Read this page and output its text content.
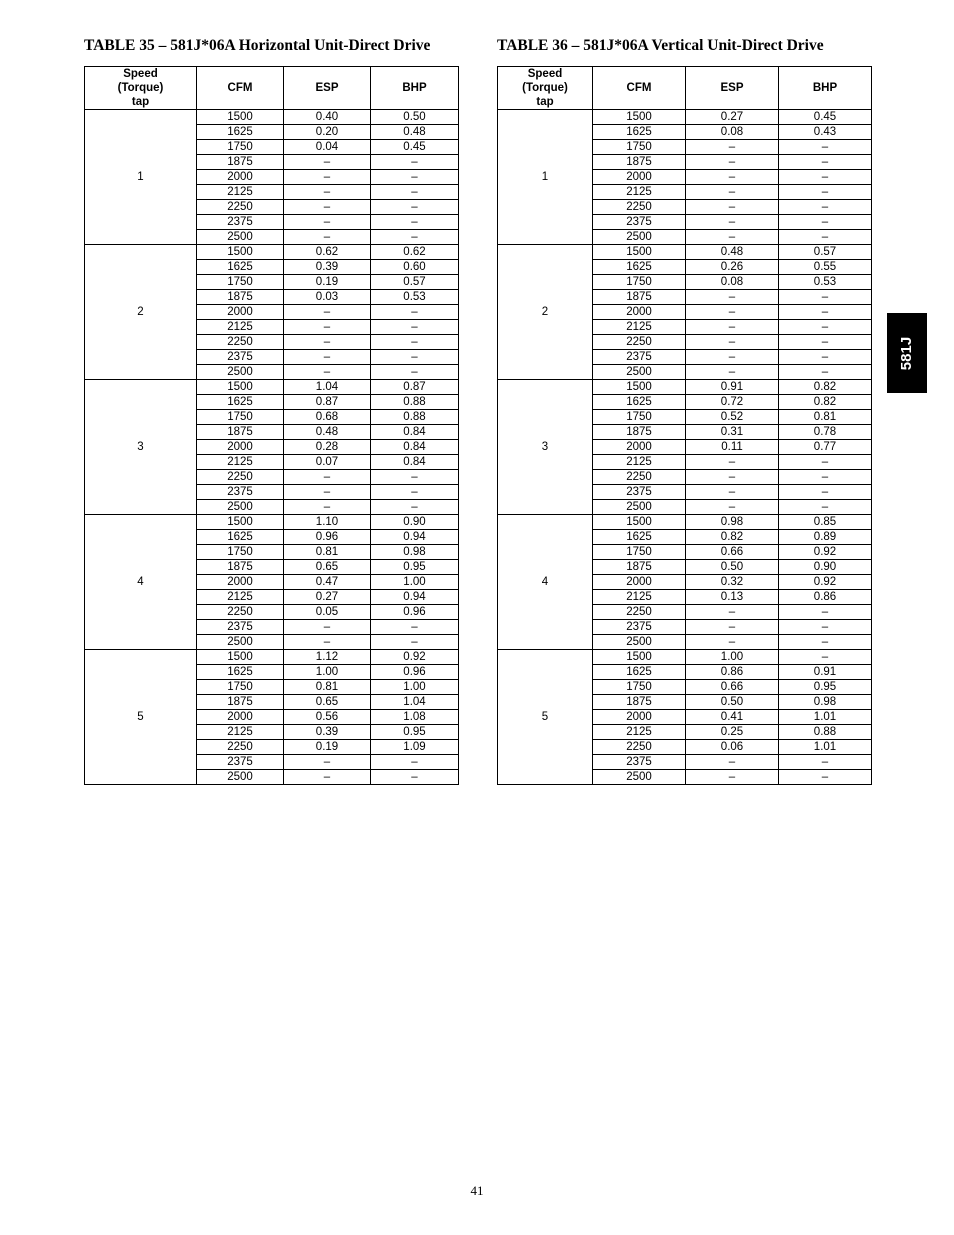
TABLE 35 – 581J*06A Horizontal Unit-Direct Drive	TABLE 36 – 581J*06A Vertical Unit-Direct Drive
Speed
(Torque)
tap	CFM	ESP	BHP
1	1500	0.40	0.50
	1625	0.20	0.48
	1750	0.04	0.45
	1875	–	–
	2000	–	–
	2125	–	–
	2250	–	–
	2375	–	–
	2500	–	–
2	1500	0.62	0.62
	1625	0.39	0.60
	1750	0.19	0.57
	1875	0.03	0.53
	2000	–	–
	2125	–	–
	2250	–	–
	2375	–	–
	2500	–	–
3	1500	1.04	0.87
	1625	0.87	0.88
	1750	0.68	0.88
	1875	0.48	0.84
	2000	0.28	0.84
	2125	0.07	0.84
	2250	–	–
	2375	–	–
	2500	–	–
4	1500	1.10	0.90
	1625	0.96	0.94
	1750	0.81	0.98
	1875	0.65	0.95
	2000	0.47	1.00
	2125	0.27	0.94
	2250	0.05	0.96
	2375	–	–
	2500	–	–
5	1500	1.12	0.92
	1625	1.00	0.96
	1750	0.81	1.00
	1875	0.65	1.04
	2000	0.56	1.08
	2125	0.39	0.95
	2250	0.19	1.09
	2375	–	–
	2500	–	–
Speed
(Torque)
tap	CFM	ESP	BHP
1	1500	0.27	0.45
	1625	0.08	0.43
	1750	–	–
	1875	–	–
	2000	–	–
	2125	–	–
	2250	–	–
	2375	–	–
	2500	–	–
2	1500	0.48	0.57
	1625	0.26	0.55
	1750	0.08	0.53
	1875	–	–
	2000	–	–
	2125	–	–
	2250	–	–
	2375	–	–
	2500	–	–
3	1500	0.91	0.82
	1625	0.72	0.82
	1750	0.52	0.81
	1875	0.31	0.78
	2000	0.11	0.77
	2125	–	–
	2250	–	–
	2375	–	–
	2500	–	–
4	1500	0.98	0.85
	1625	0.82	0.89
	1750	0.66	0.92
	1875	0.50	0.90
	2000	0.32	0.92
	2125	0.13	0.86
	2250	–	–
	2375	–	–
	2500	–	–
5	1500	1.00	–
	1625	0.86	0.91
	1750	0.66	0.95
	1875	0.50	0.98
	2000	0.41	1.01
	2125	0.25	0.88
	2250	0.06	1.01
	2375	–	–
	2500	–	–
581J
41
